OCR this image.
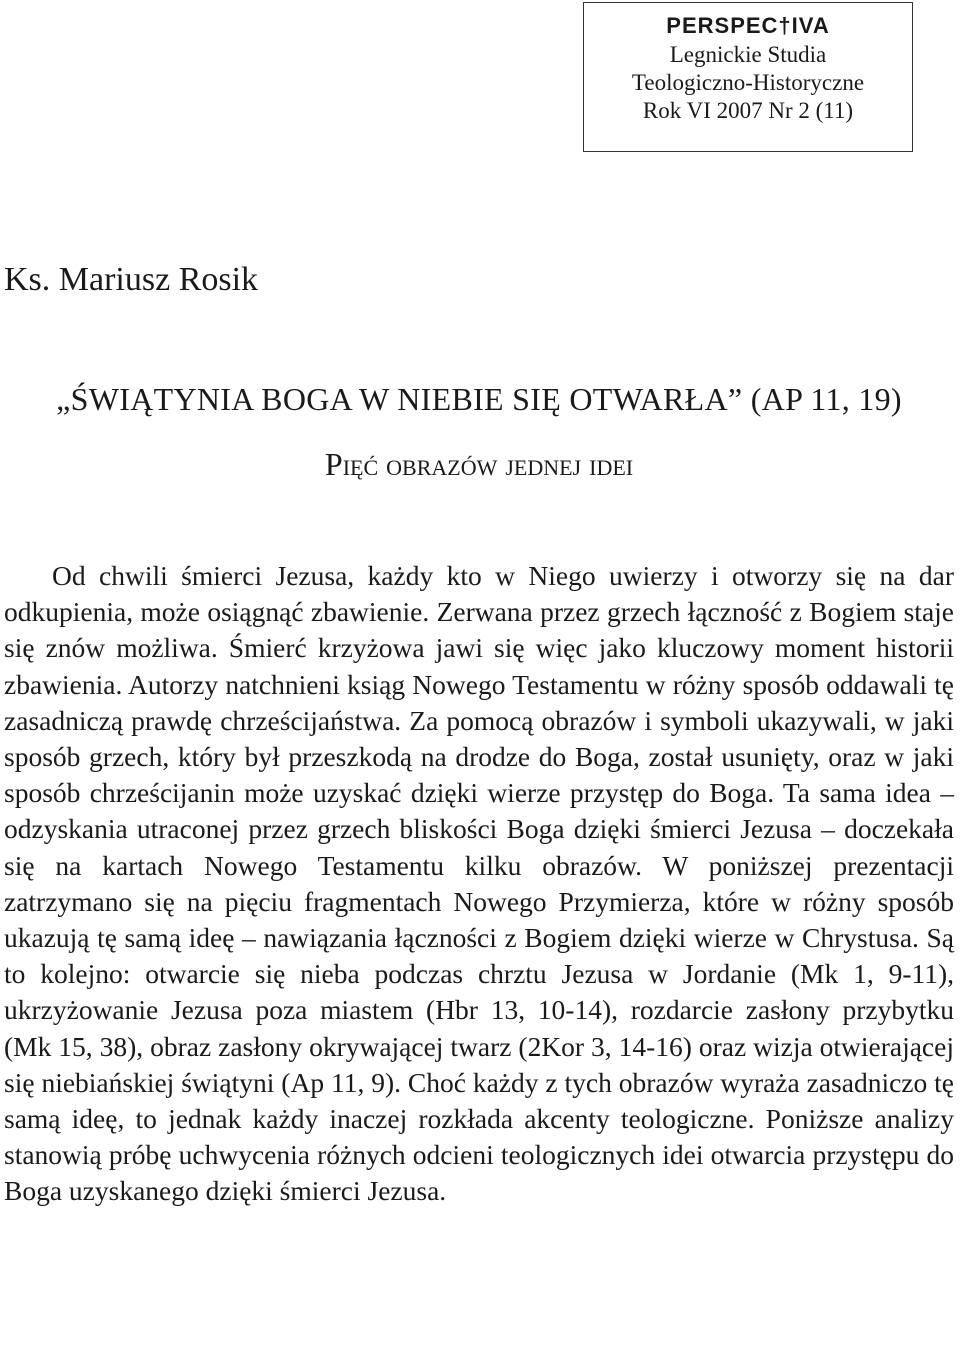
PERSPEC†IVA
Legnickie Studia
Teologiczno-Historyczne
Rok VI 2007 Nr 2 (11)
Ks. Mariusz Rosik
„ŚWIĄTYNIA BOGA W NIEBIE SIĘ OTWARŁA” (AP 11, 19)
Pięć obrazów jednej idei
Od chwili śmierci Jezusa, każdy kto w Niego uwierzy i otworzy się na dar odkupienia, może osiągnąć zbawienie. Zerwana przez grzech łączność z Bogiem staje się znów możliwa. Śmierć krzyżowa jawi się więc jako kluczowy moment historii zbawienia. Autorzy natchnieni ksiąg Nowego Testamentu w różny sposób oddawali tę zasadniczą prawdę chrześcijaństwa. Za pomocą obrazów i symboli ukazywali, w jaki sposób grzech, który był przeszkodą na drodze do Boga, został usunięty, oraz w jaki sposób chrześcijanin może uzyskać dzięki wierze przystęp do Boga. Ta sama idea – odzyskania utraconej przez grzech bliskości Boga dzięki śmierci Jezusa – doczekała się na kartach Nowego Testamentu kilku obrazów. W poniższej prezentacji zatrzymano się na pięciu fragmentach Nowego Przymierza, które w różny sposób ukazują tę samą ideę – nawiązania łączności z Bogiem dzięki wierze w Chrystusa. Są to kolejno: otwarcie się nieba podczas chrztu Jezusa w Jordanie (Mk 1, 9-11), ukrzyżowanie Jezusa poza miastem (Hbr 13, 10-14), rozdarcie zasłony przybytku (Mk 15, 38), obraz zasłony okrywającej twarz (2Kor 3, 14-16) oraz wizja otwierającej się niebiańskiej świątyni (Ap 11, 9). Choć każdy z tych obrazów wyraża zasadniczo tę samą ideę, to jednak każdy inaczej rozkłada akcenty teologiczne. Poniższe analizy stanowią próbę uchwycenia różnych odcieni teologicznych idei otwarcia przystępu do Boga uzyskanego dzięki śmierci Jezusa.
